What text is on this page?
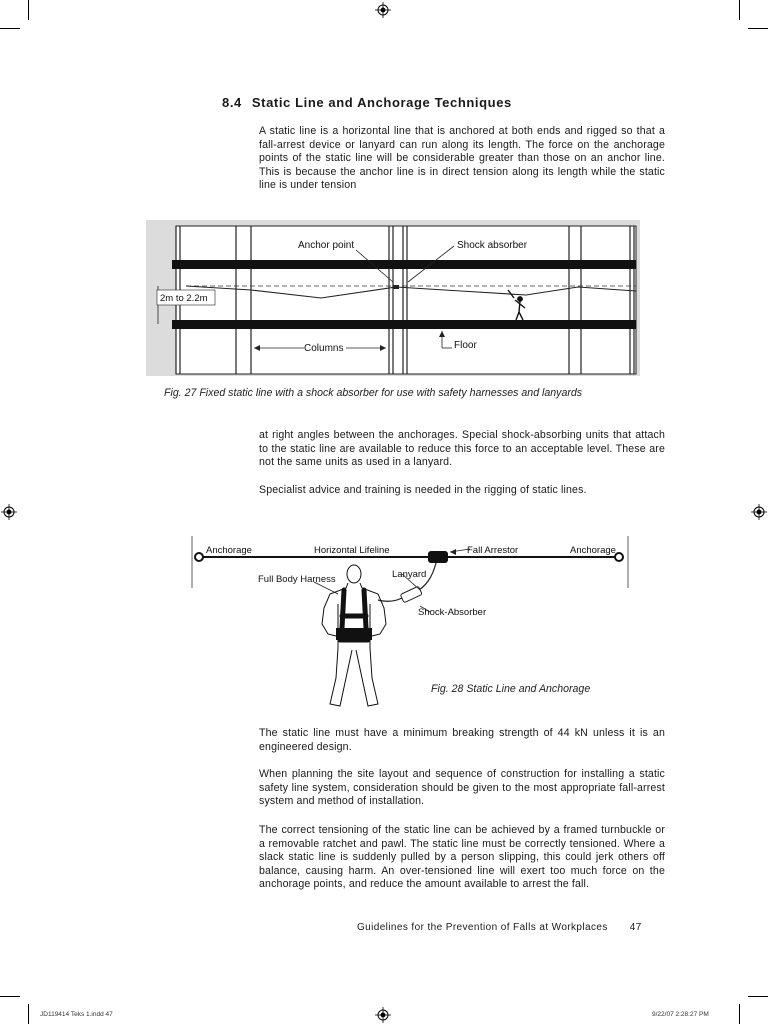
8.4 Static Line and Anchorage Techniques
A static line is a horizontal line that is anchored at both ends and rigged so that a fall-arrest device or lanyard can run along its length. The force on the anchorage points of the static line will be considerable greater than those on an anchor line. This is because the anchor line is in direct tension along its length while the static line is under tension
Anchor point	Shock absorber
2m to 2.2m
Columns	Floor
Fig. 27 Fixed static line with a shock absorber for use with safety harnesses and lanyards
at right angles between the anchorages. Special shock-absorbing units that attach to the static line are available to reduce this force to an acceptable level. These are not the same units as used in a lanyard.
Specialist advice and training is needed in the rigging of static lines.
Anchorage	Horizontal Lifeline	Fall Arrestor	Anchorage
Lanyard
Full Body Harness
Shock-Absorber
Fig. 28 Static Line and Anchorage
The static line must have a minimum breaking strength of 44 kN unless it is an engineered design.
When planning the site layout and sequence of construction for installing a static safety line system, consideration should be given to the most appropriate fall-arrest system and method of installation.
The correct tensioning of the static line can be achieved by a framed turnbuckle or a removable ratchet and pawl. The static line must be correctly tensioned. Where a slack static line is suddenly pulled by a person slipping, this could jerk others off balance, causing harm. An over-tensioned line will exert too much force on the anchorage points, and reduce the amount available to arrest the fall.
Guidelines for the Prevention of Falls at Workplaces 47
JD119414 Teks 1.indd 47	9/22/07 2:28:27 PM
